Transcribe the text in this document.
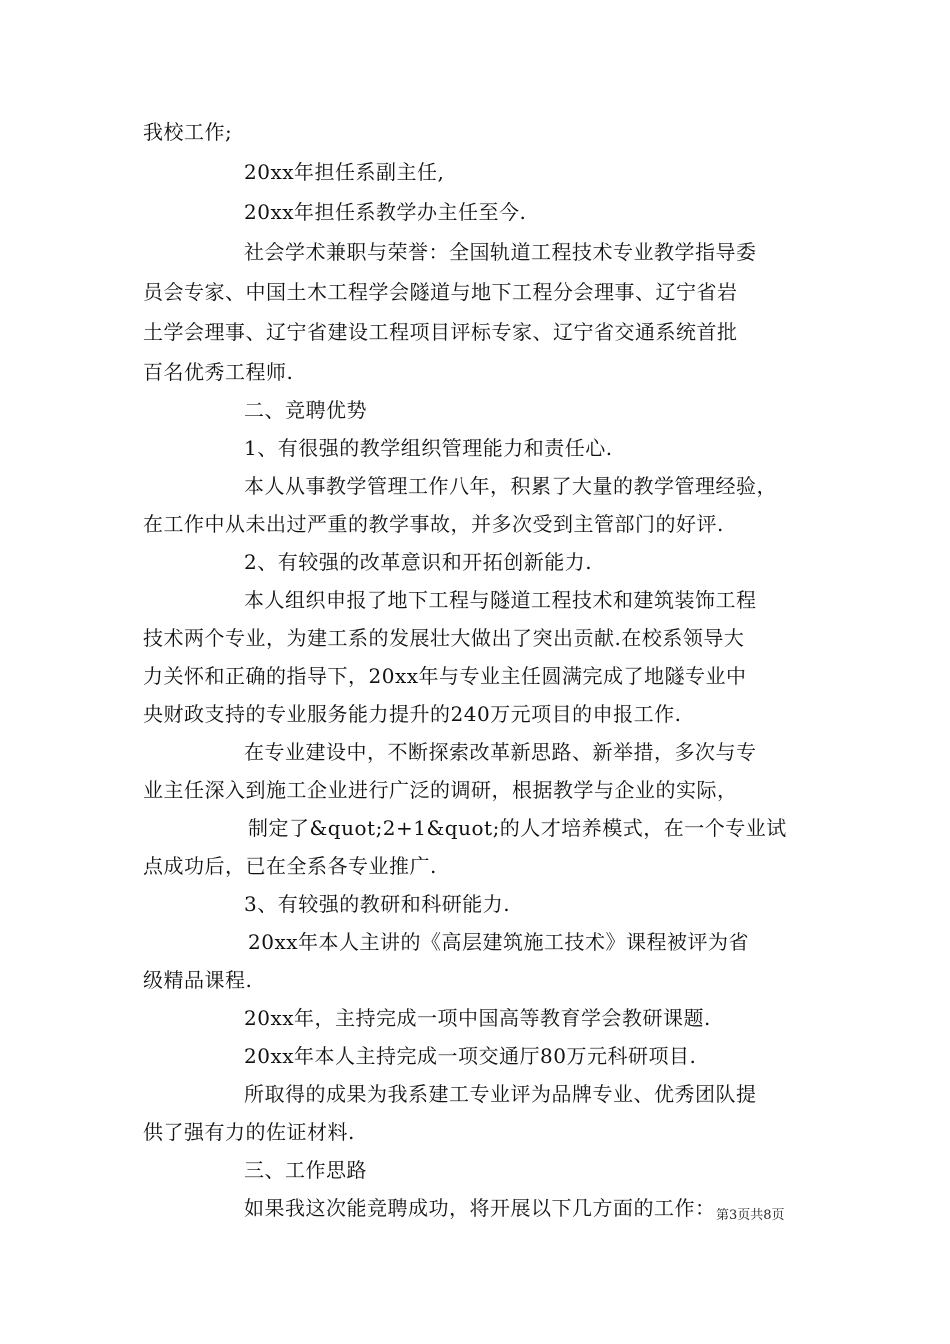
我校工作;
20xx年担任系副主任,
20xx年担任系教学办主任至今.
社会学术兼职与荣誉：全国轨道工程技术专业教学指导委
员会专家、中国土木工程学会隧道与地下工程分会理事、辽宁省岩
土学会理事、辽宁省建设工程项目评标专家、辽宁省交通系统首批
百名优秀工程师.
二、竞聘优势
1、有很强的教学组织管理能力和责任心.
本人从事教学管理工作八年，积累了大量的教学管理经验，
在工作中从未出过严重的教学事故，并多次受到主管部门的好评.
2、有较强的改革意识和开拓创新能力.
本人组织申报了地下工程与隧道工程技术和建筑装饰工程
技术两个专业，为建工系的发展壮大做出了突出贡献.在校系领导大
力关怀和正确的指导下，20xx年与专业主任圆满完成了地隧专业中
央财政支持的专业服务能力提升的240万元项目的申报工作.
在专业建设中，不断探索改革新思路、新举措，多次与专
业主任深入到施工企业进行广泛的调研，根据教学与企业的实际，
制定了&quot;2+1&quot;的人才培养模式，在一个专业试
点成功后，已在全系各专业推广.
3、有较强的教研和科研能力.
20xx年本人主讲的《高层建筑施工技术》课程被评为省
级精品课程.
20xx年，主持完成一项中国高等教育学会教研课题.
20xx年本人主持完成一项交通厅80万元科研项目.
所取得的成果为我系建工专业评为品牌专业、优秀团队提
供了强有力的佐证材料.
三、工作思路
如果我这次能竞聘成功，将开展以下几方面的工作： 第3页共8页
